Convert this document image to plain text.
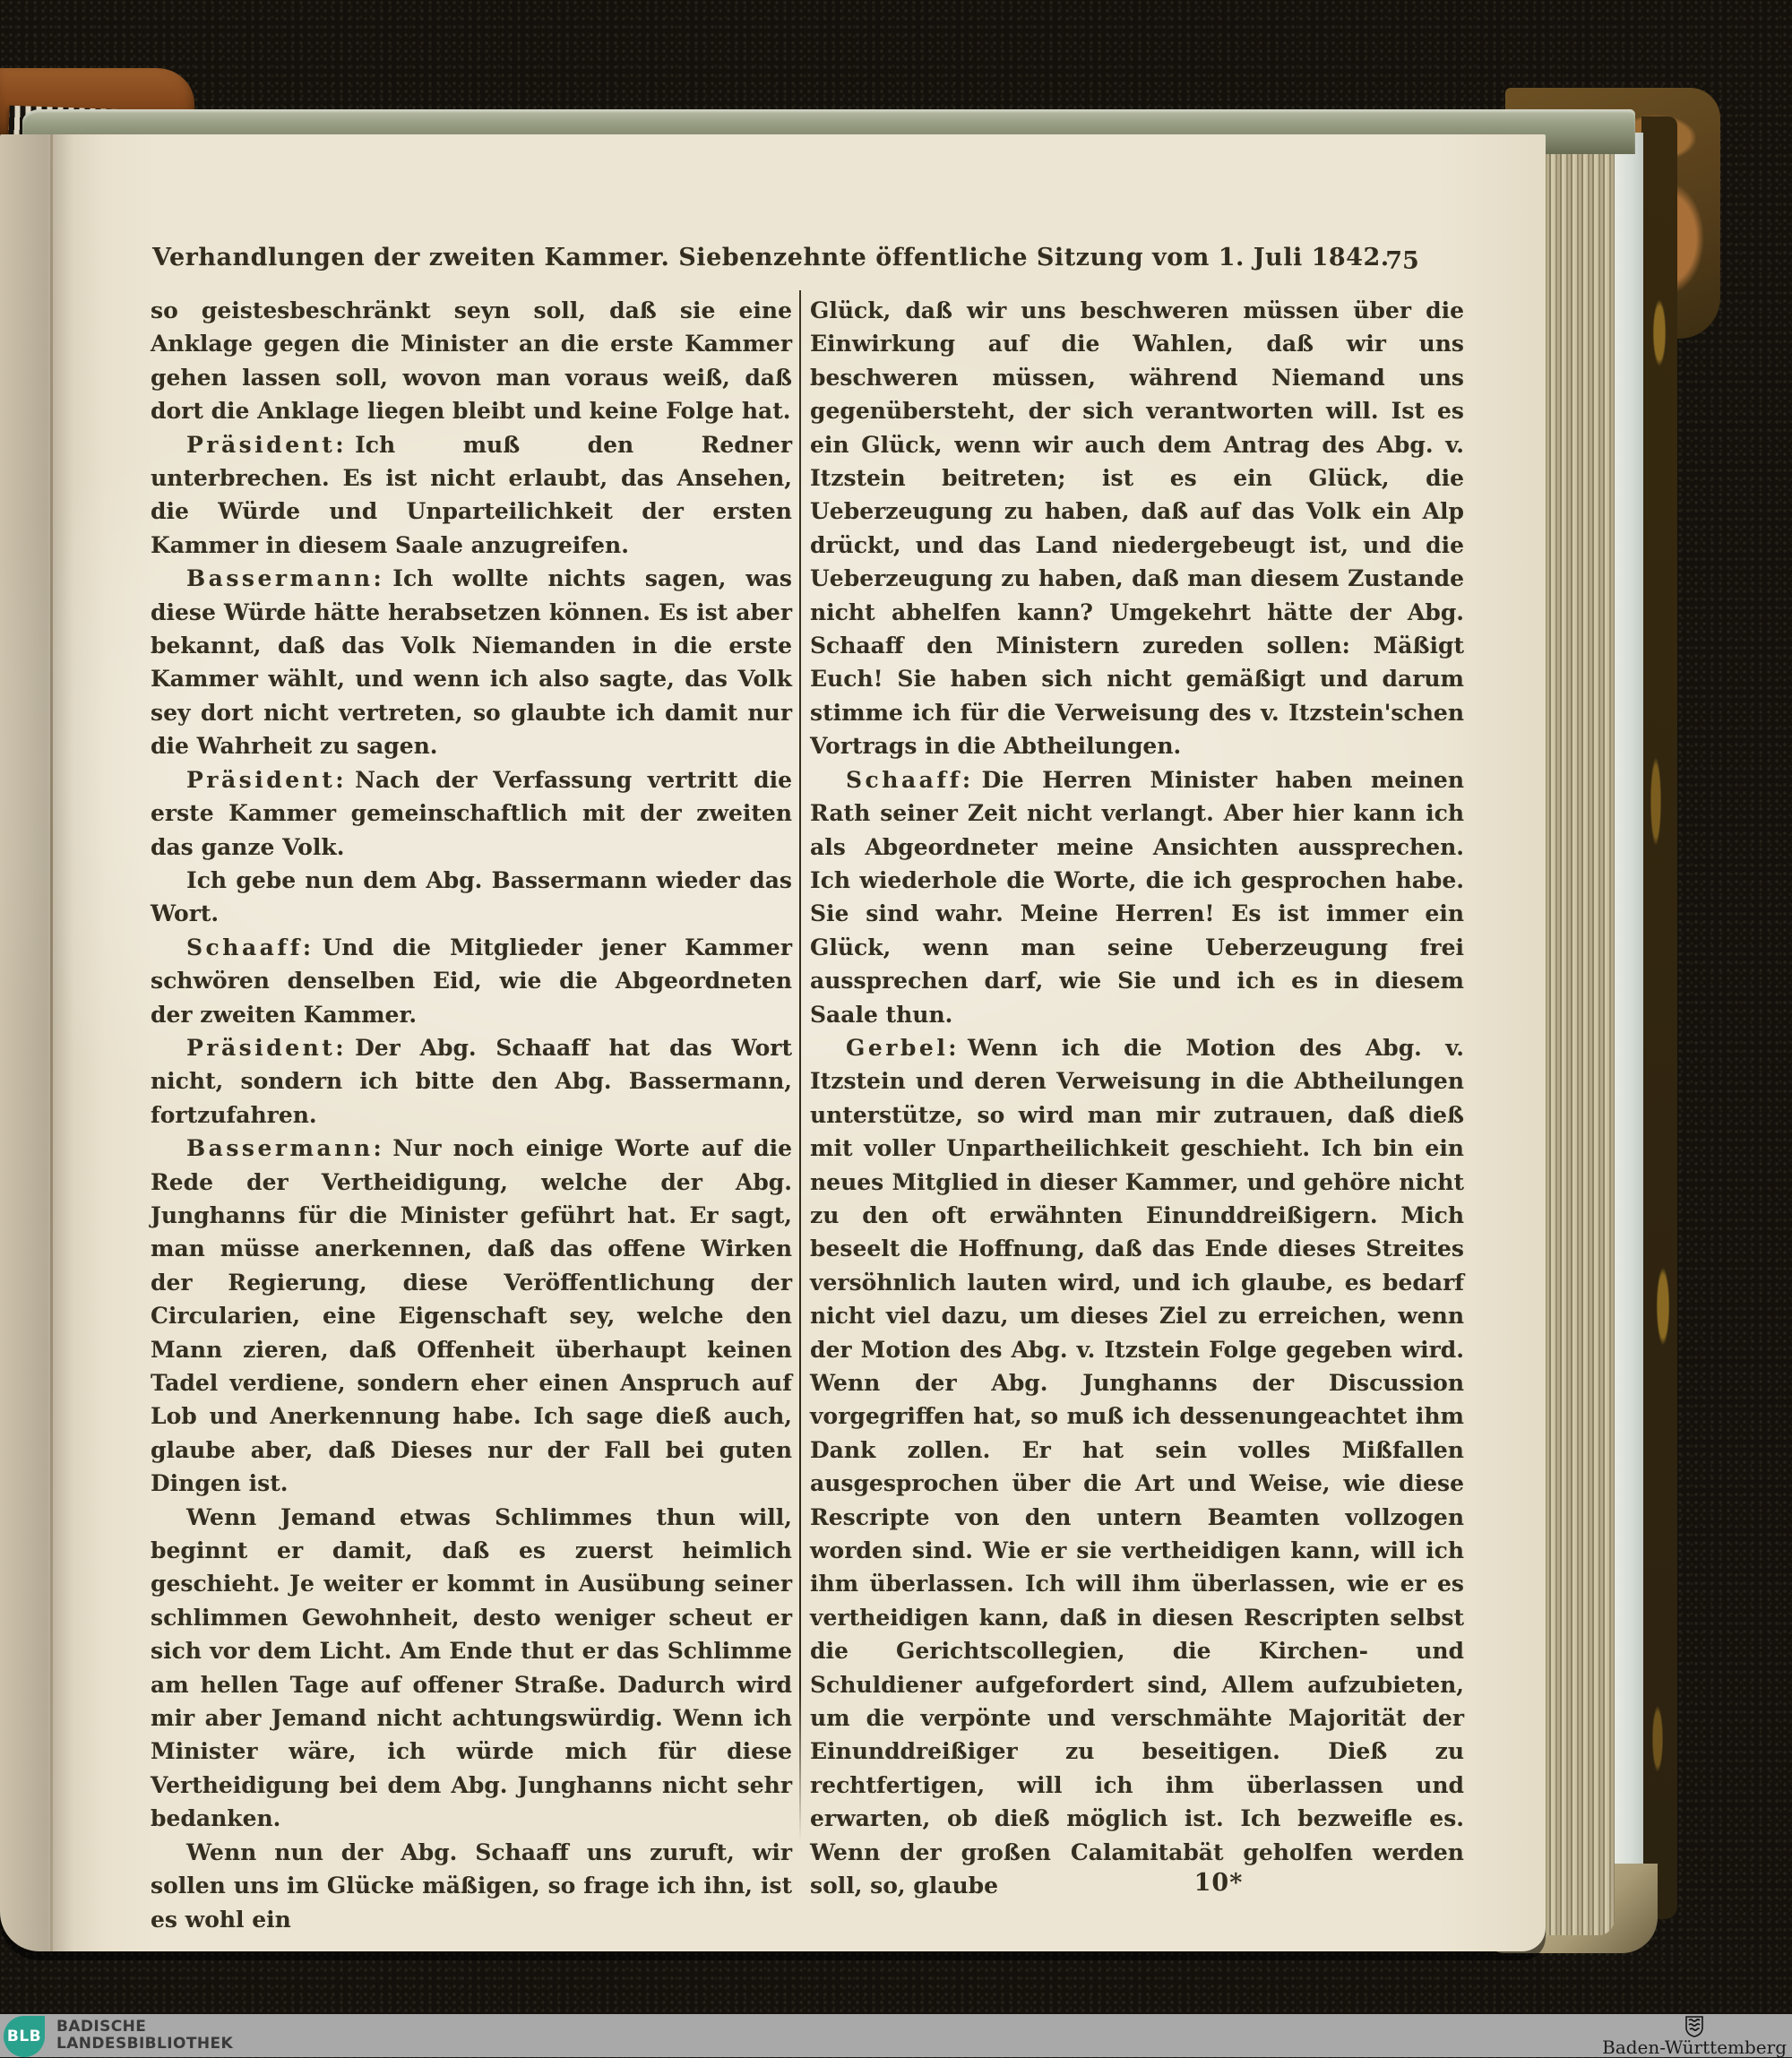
Verhandlungen der zweiten Kammer. Siebenzehnte öffentliche Sitzung vom 1. Juli 1842.
75

so geistesbeschränkt seyn soll, daß sie eine Anklage gegen die Minister an die erste Kammer gehen lassen soll, wovon man voraus weiß, daß dort die Anklage liegen bleibt und keine Folge hat.

Präsident: Ich muß den Redner unterbrechen. Es ist nicht erlaubt, das Ansehen, die Würde und Unparteilichkeit der ersten Kammer in diesem Saale anzugreifen.

Bassermann: Ich wollte nichts sagen, was diese Würde hätte herabsetzen können. Es ist aber bekannt, daß das Volk Niemanden in die erste Kammer wählt, und wenn ich also sagte, das Volk sey dort nicht vertreten, so glaubte ich damit nur die Wahrheit zu sagen.

Präsident: Nach der Verfassung vertritt die erste Kammer gemeinschaftlich mit der zweiten das ganze Volk.

Ich gebe nun dem Abg. Bassermann wieder das Wort.

Schaaff: Und die Mitglieder jener Kammer schwören denselben Eid, wie die Abgeordneten der zweiten Kammer.

Präsident: Der Abg. Schaaff hat das Wort nicht, sondern ich bitte den Abg. Bassermann, fortzufahren.

Bassermann: Nur noch einige Worte auf die Rede der Vertheidigung, welche der Abg. Junghanns für die Minister geführt hat. Er sagt, man müsse anerkennen, daß das offene Wirken der Regierung, diese Veröffentlichung der Circularien, eine Eigenschaft sey, welche den Mann zieren, daß Offenheit überhaupt keinen Tadel verdiene, sondern eher einen Anspruch auf Lob und Anerkennung habe. Ich sage dieß auch, glaube aber, daß Dieses nur der Fall bei guten Dingen ist.

Wenn Jemand etwas Schlimmes thun will, beginnt er damit, daß es zuerst heimlich geschieht. Je weiter er kommt in Ausübung seiner schlimmen Gewohnheit, desto weniger scheut er sich vor dem Licht. Am Ende thut er das Schlimme am hellen Tage auf offener Straße. Dadurch wird mir aber Jemand nicht achtungswürdig. Wenn ich Minister wäre, ich würde mich für diese Vertheidigung bei dem Abg. Junghanns nicht sehr bedanken.

Wenn nun der Abg. Schaaff uns zuruft, wir sollen uns im Glücke mäßigen, so frage ich ihn, ist es wohl ein

Glück, daß wir uns beschweren müssen über die Einwirkung auf die Wahlen, daß wir uns beschweren müssen, während Niemand uns gegenübersteht, der sich verantworten will. Ist es ein Glück, wenn wir auch dem Antrag des Abg. v. Itzstein beitreten; ist es ein Glück, die Ueberzeugung zu haben, daß auf das Volk ein Alp drückt, und das Land niedergebeugt ist, und die Ueberzeugung zu haben, daß man diesem Zustande nicht abhelfen kann? Umgekehrt hätte der Abg. Schaaff den Ministern zureden sollen: Mäßigt Euch! Sie haben sich nicht gemäßigt und darum stimme ich für die Verweisung des v. Itzstein'schen Vortrags in die Abtheilungen.

Schaaff: Die Herren Minister haben meinen Rath seiner Zeit nicht verlangt. Aber hier kann ich als Abgeordneter meine Ansichten aussprechen. Ich wiederhole die Worte, die ich gesprochen habe. Sie sind wahr. Meine Herren! Es ist immer ein Glück, wenn man seine Ueberzeugung frei aussprechen darf, wie Sie und ich es in diesem Saale thun.

Gerbel: Wenn ich die Motion des Abg. v. Itzstein und deren Verweisung in die Abtheilungen unterstütze, so wird man mir zutrauen, daß dieß mit voller Unpartheilichkeit geschieht. Ich bin ein neues Mitglied in dieser Kammer, und gehöre nicht zu den oft erwähnten Einunddreißigern. Mich beseelt die Hoffnung, daß das Ende dieses Streites versöhnlich lauten wird, und ich glaube, es bedarf nicht viel dazu, um dieses Ziel zu erreichen, wenn der Motion des Abg. v. Itzstein Folge gegeben wird. Wenn der Abg. Junghanns der Discussion vorgegriffen hat, so muß ich dessenungeachtet ihm Dank zollen. Er hat sein volles Mißfallen ausgesprochen über die Art und Weise, wie diese Rescripte von den untern Beamten vollzogen worden sind. Wie er sie vertheidigen kann, will ich ihm überlassen. Ich will ihm überlassen, wie er es vertheidigen kann, daß in diesen Rescripten selbst die Gerichtscollegien, die Kirchen- und Schuldiener aufgefordert sind, Allem aufzubieten, um die verpönte und verschmähte Majorität der Einunddreißiger zu beseitigen. Dieß zu rechtfertigen, will ich ihm überlassen und erwarten, ob dieß möglich ist. Ich bezweifle es. Wenn der großen Calamitabät geholfen werden soll, so, glaube	10*
BLB
BADISCHE
LANDESBIBLIOTHEK	Baden-Württemberg
